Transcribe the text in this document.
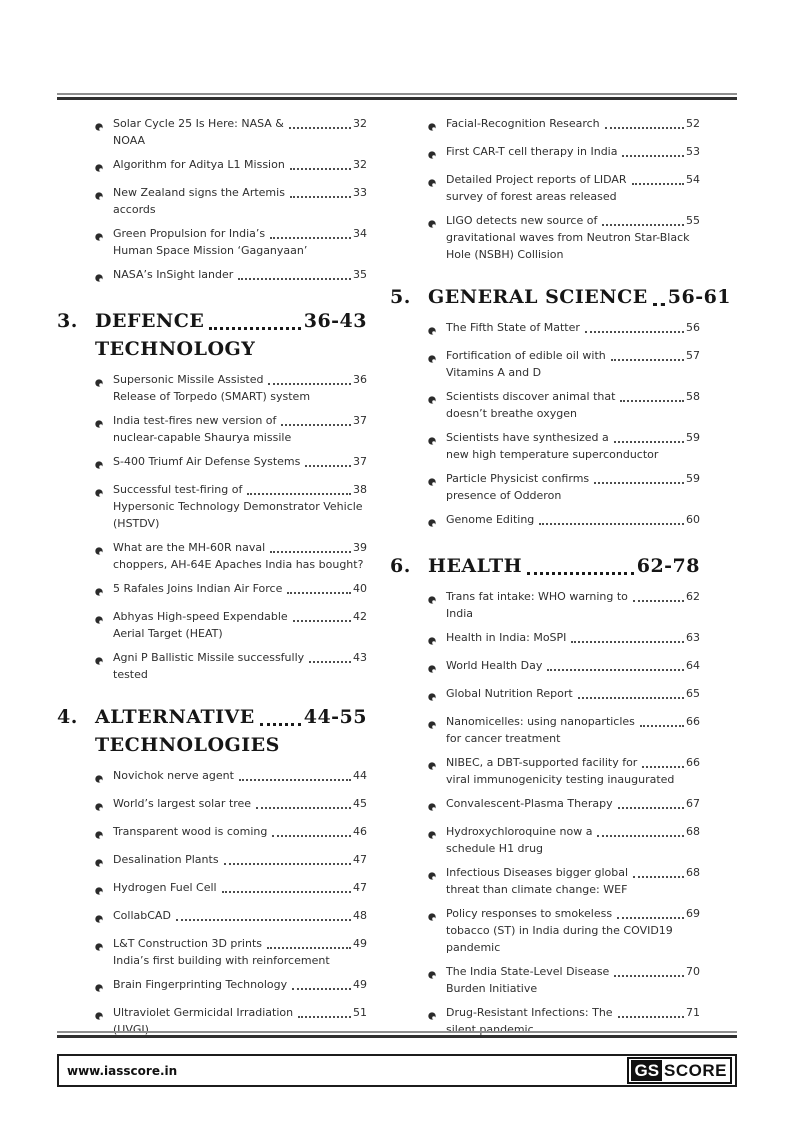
Solar Cycle 25 Is Here: NASA &	32
NOAA
Algorithm for Aditya L1 Mission	32
New Zealand signs the Artemis	33
accords
Green Propulsion for India’s	34
Human Space Mission ‘Gaganyaan’
NASA’s InSight lander	35
3. DEFENCE	36-43
TECHNOLOGY
Supersonic Missile Assisted	36
Release of Torpedo (SMART) system
India test-fires new version of	37
nuclear-capable Shaurya missile
S-400 Triumf Air Defense Systems	37
Successful test-firing of	38
Hypersonic Technology Demonstrator Vehicle (HSTDV)
What are the MH-60R naval	39
choppers, AH-64E Apaches India has bought?
5 Rafales Joins Indian Air Force	40
Abhyas High-speed Expendable	42
Aerial Target (HEAT)
Agni P Ballistic Missile successfully	43
tested
4. ALTERNATIVE	44-55
TECHNOLOGIES
Novichok nerve agent	44
World’s largest solar tree	45
Transparent wood is coming	46
Desalination Plants	47
Hydrogen Fuel Cell	47
CollabCAD	48
L&T Construction 3D prints	49
India’s first building with reinforcement
Brain Fingerprinting Technology	49
Ultraviolet Germicidal Irradiation	51
(UVGI)
Facial-Recognition Research	52
First CAR-T cell therapy in India	53
Detailed Project reports of LIDAR	54
survey of forest areas released
LIGO detects new source of	55
gravitational waves from Neutron Star-Black Hole (NSBH) Collision
5. GENERAL SCIENCE 56-61
The Fifth State of Matter	56
Fortification of edible oil with	57
Vitamins A and D
Scientists discover animal that	58
doesn’t breathe oxygen
Scientists have synthesized a	59
new high temperature superconductor
Particle Physicist confirms	59
presence of Odderon
Genome Editing	60
6. HEALTH	62-78
Trans fat intake: WHO warning to	62
India
Health in India: MoSPI	63
World Health Day	64
Global Nutrition Report	65
Nanomicelles: using nanoparticles	66
for cancer treatment
NIBEC, a DBT-supported facility for	66
viral immunogenicity testing inaugurated
Convalescent-Plasma Therapy	67
Hydroxychloroquine now a	68
schedule H1 drug
Infectious Diseases bigger global	68
threat than climate change: WEF
Policy responses to smokeless	69
tobacco (ST) in India during the COVID19 pandemic
The India State-Level Disease	70
Burden Initiative
Drug-Resistant Infections: The	71
silent pandemic
www.iasscore.in	GS SCORE
